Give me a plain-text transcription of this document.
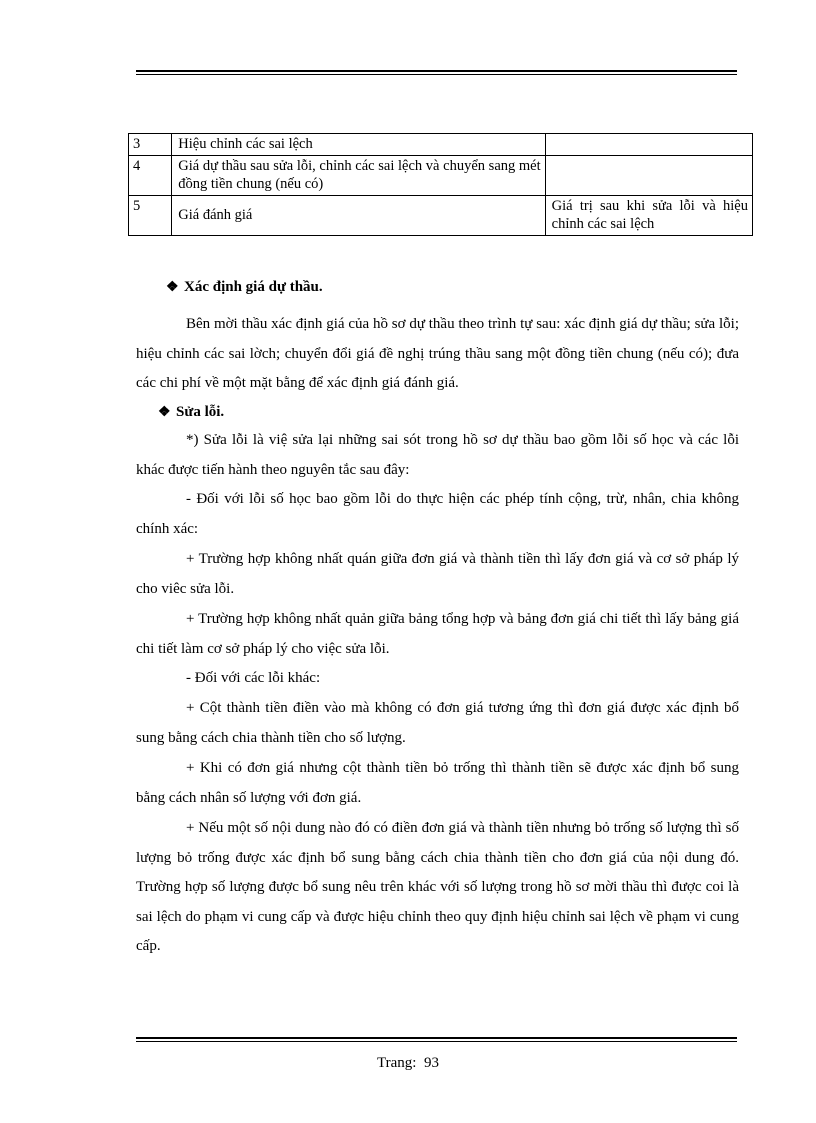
3	Hiệu chỉnh các sai lệch	
4	Giá dự thầu sau sửa lỗi, chỉnh các sai lệch và chuyển sang mét đồng tiền chung (nếu có)	
5	Giá đánh giá	Giá trị sau khi sửa lỗi và hiệu chỉnh các sai lệch
❖ Xác định giá dự thầu.

Bên mời thầu xác định giá của hồ sơ dự thầu theo trình tự sau: xác định giá dự thầu; sửa lỗi; hiệu chỉnh các sai lờch; chuyển đổi giá đề nghị trúng thầu sang một đồng tiền chung (nếu có); đưa các chi phí về một mặt bằng để xác định giá đánh giá.

❖ Sửa lỗi.

*) Sửa lỗi là việ sửa lại những sai sót trong hồ sơ dự thầu bao gồm lỗi số học và các lỗi khác được tiến hành theo nguyên tắc sau đây:

- Đối với lỗi số học bao gồm lỗi do thực hiện các phép tính cộng, trừ, nhân, chia không chính xác:

+ Trường hợp không nhất quán giữa đơn giá và thành tiền thì lấy đơn giá và cơ sở pháp lý cho viêc sửa lỗi.

+ Trường hợp không nhất quản giữa bảng tổng hợp và bảng đơn giá chi tiết thì lấy bảng giá chi tiết làm cơ sở pháp lý cho việc sửa lỗi.

- Đối với các lỗi khác:

+ Cột thành tiền điền vào mà không có đơn giá tương ứng thì đơn giá được xác định bổ sung bằng cách chia thành tiền cho số lượng.

+ Khi có đơn giá nhưng cột thành tiền bỏ trống thì thành tiền sẽ được xác định bổ sung bằng cách nhân số lượng với đơn giá.

+ Nếu một số nội dung nào đó có điền đơn giá và thành tiền nhưng bỏ trống số lượng thì số lượng bỏ trống được xác định bổ sung bằng cách chia thành tiền cho đơn giá của nội dung đó. Trường hợp số lượng được bổ sung nêu trên khác với số lượng trong hồ sơ mời thầu thì được coi là sai lệch do phạm vi cung cấp và được hiệu chỉnh theo quy định hiệu chỉnh sai lệch về phạm vi cung cấp.

Trang: 93
